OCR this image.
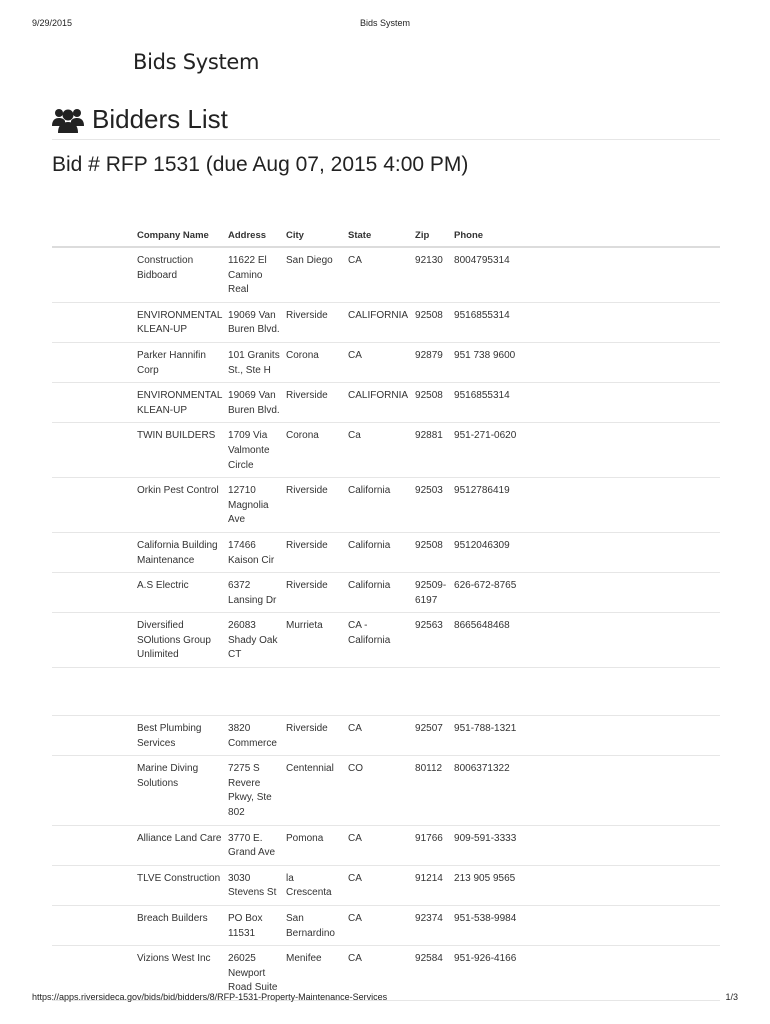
9/29/2015	Bids System
Bids System
Bidders List
Bid # RFP 1531 (due Aug 07, 2015 4:00 PM)
	Company Name	Address	City	State	Zip	Phone	
	Construction Bidboard	11622 El Camino Real	San Diego	CA	92130	8004795314	
	ENVIRONMENTAL KLEAN-UP	19069 Van Buren Blvd.	Riverside	CALIFORNIA	92508	9516855314	
	Parker Hannifin Corp	101 Granits St., Ste H	Corona	CA	92879	951 738 9600	
	ENVIRONMENTAL KLEAN-UP	19069 Van Buren Blvd.	Riverside	CALIFORNIA	92508	9516855314	
	TWIN BUILDERS	1709 Via Valmonte Circle	Corona	Ca	92881	951-271-0620	
	Orkin Pest Control	12710 Magnolia Ave	Riverside	California	92503	9512786419	
	California Building Maintenance	17466 Kaison Cir	Riverside	California	92508	9512046309	
	A.S Electric	6372 Lansing Dr	Riverside	California	92509-6197	626-672-8765	
	Diversified SOlutions Group Unlimited	26083 Shady Oak CT	Murrieta	CA - California	92563	8665648468	

	Best Plumbing Services	3820 Commerce	Riverside	CA	92507	951-788-1321	
	Marine Diving Solutions	7275 S Revere Pkwy, Ste 802	Centennial	CO	80112	8006371322	
	Alliance Land Care	3770 E. Grand Ave	Pomona	CA	91766	909-591-3333	
	TLVE Construction	3030 Stevens St	la Crescenta	CA	91214	213 905 9565	
	Breach Builders	PO Box 11531	San Bernardino	CA	92374	951-538-9984	
	Vizions West Inc	26025 Newport Road Suite	Menifee	CA	92584	951-926-4166	
https://apps.riversideca.gov/bids/bid/bidders/8/RFP-1531-Property-Maintenance-Services	1/3
